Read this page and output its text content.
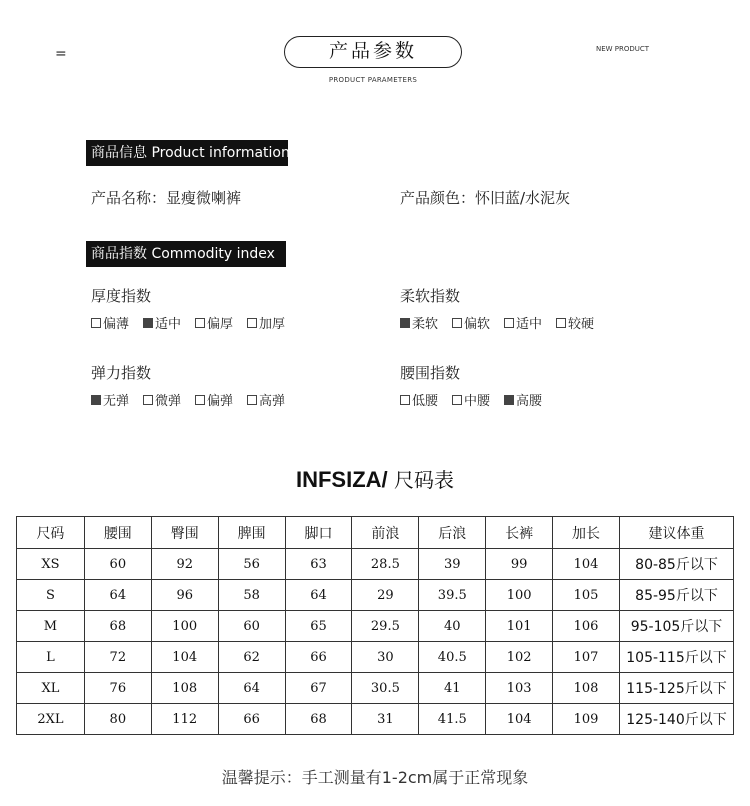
=	产品参数
PRODUCT PARAMETERS
NEW PRODUCT
商品信息 Product information
产品名称：显瘦微喇裤	产品颜色：怀旧蓝/水泥灰
商品指数 Commodity index
厚度指数
偏薄 适中 偏厚 加厚
柔软指数
柔软 偏软 适中 较硬
弹力指数
无弹 微弹 偏弹 高弹
腰围指数
低腰 中腰 高腰
INFSIZA/ 尺码表
尺码	腰围	臀围	脾围	脚口	前浪	后浪	长裤	加长	建议体重
XS	60	92	56	63	28.5	39	99	104	80-85斤以下
S	64	96	58	64	29	39.5	100	105	85-95斤以下
M	68	100	60	65	29.5	40	101	106	95-105斤以下
L	72	104	62	66	30	40.5	102	107	105-115斤以下
XL	76	108	64	67	30.5	41	103	108	115-125斤以下
2XL	80	112	66	68	31	41.5	104	109	125-140斤以下
温馨提示：手工测量有1-2cm属于正常现象
